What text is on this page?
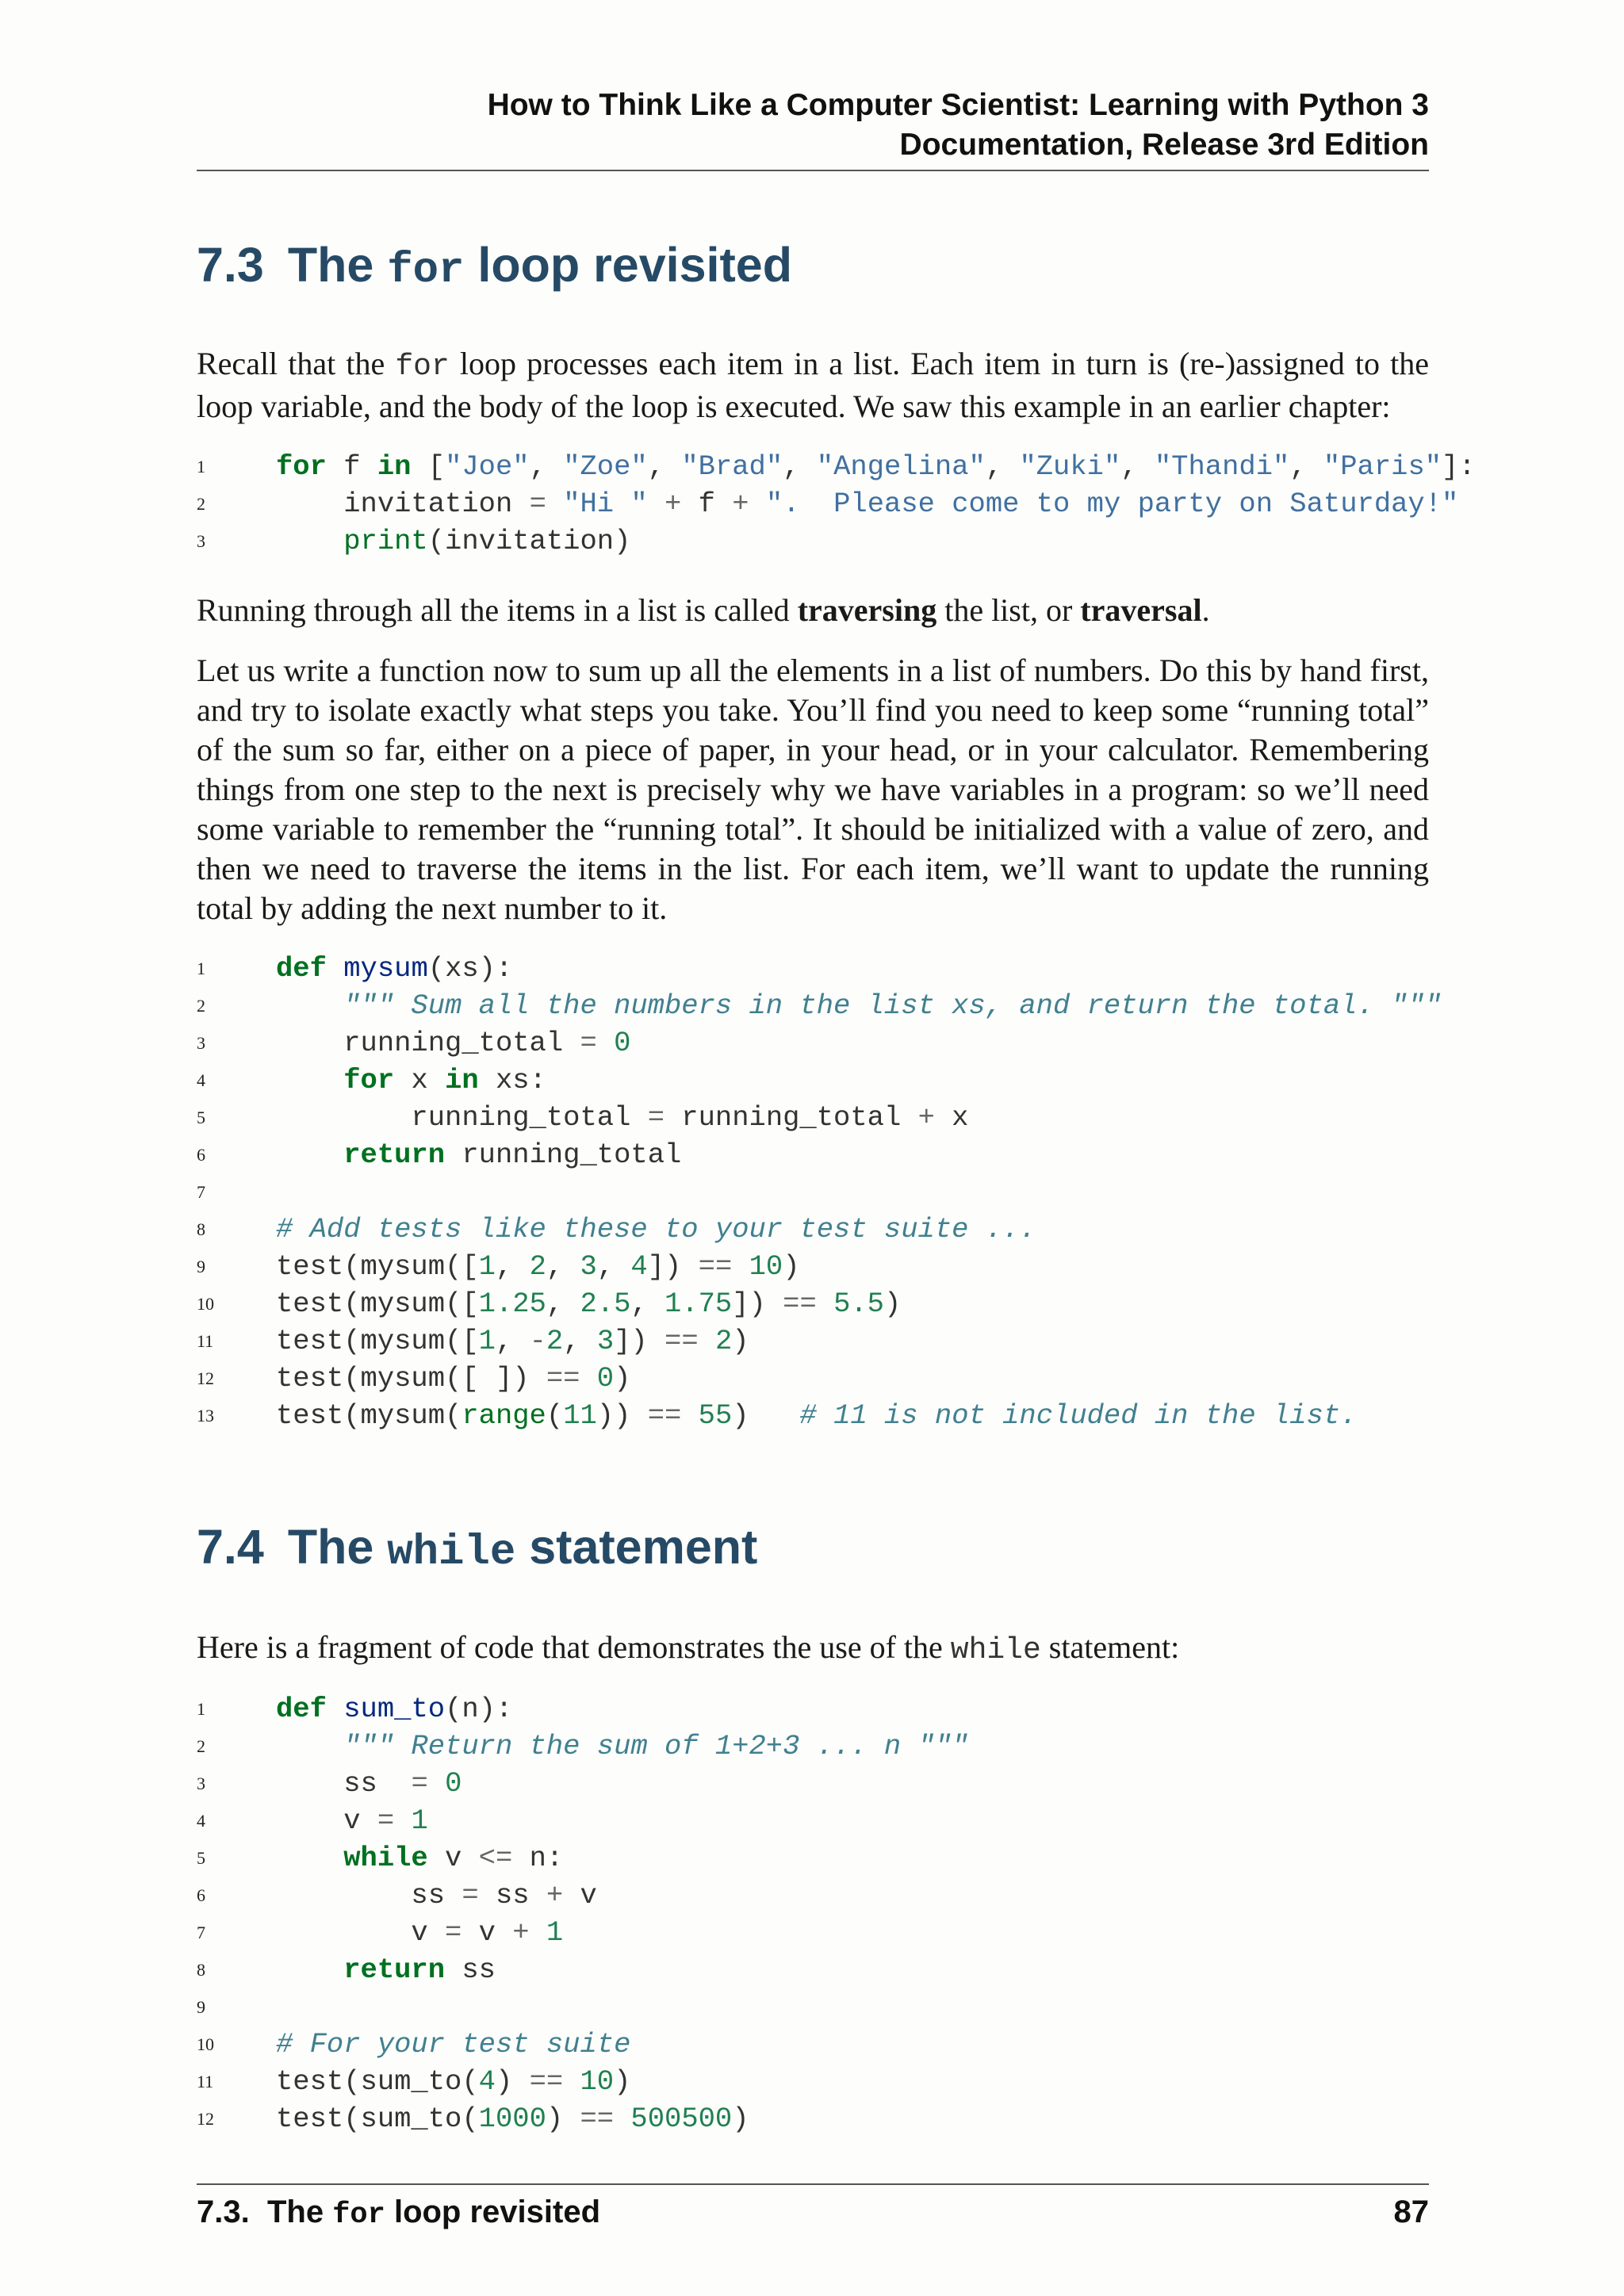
How to Think Like a Computer Scientist: Learning with Python 3
Documentation, Release 3rd Edition
7.3 The for loop revisited

Recall that the for loop processes each item in a list. Each item in turn is (re-)assigned to the loop variable, and the body of the loop is executed. We saw this example in an earlier chapter:

1	for f in ["Joe", "Zoe", "Brad", "Angelina", "Zuki", "Thandi", "Paris"]:
2	invitation = "Hi " + f + ".  Please come to my party on Saturday!"
3	print(invitation)

Running through all the items in a list is called traversing the list, or traversal.

Let us write a function now to sum up all the elements in a list of numbers. Do this by hand first, and try to isolate exactly what steps you take. You’ll find you need to keep some “running total” of the sum so far, either on a piece of paper, in your head, or in your calculator. Remembering things from one step to the next is precisely why we have variables in a program: so we’ll need some variable to remember the “running total”. It should be initialized with a value of zero, and then we need to traverse the items in the list. For each item, we’ll want to update the running total by adding the next number to it.

1	def mysum(xs):
2	""" Sum all the numbers in the list xs, and return the total. """
3	running_total = 0
4	for x in xs:
5	running_total = running_total + x
6	return running_total
7
8	# Add tests like these to your test suite ...
9	test(mysum([1, 2, 3, 4]) == 10)
10	test(mysum([1.25, 2.5, 1.75]) == 5.5)
11	test(mysum([1, -2, 3]) == 2)
12	test(mysum([ ]) == 0)
13	test(mysum(range(11)) == 55)   # 11 is not included in the list.
7.4 The while statement

Here is a fragment of code that demonstrates the use of the while statement:

1	def sum_to(n):
2	""" Return the sum of 1+2+3 ... n """
3	ss  = 0
4	v = 1
5	while v <= n:
6	ss = ss + v
7	v = v + 1
8	return ss
9
10	# For your test suite
11	test(sum_to(4) == 10)
12	test(sum_to(1000) == 500500)
7.3. The for loop revisited	87
